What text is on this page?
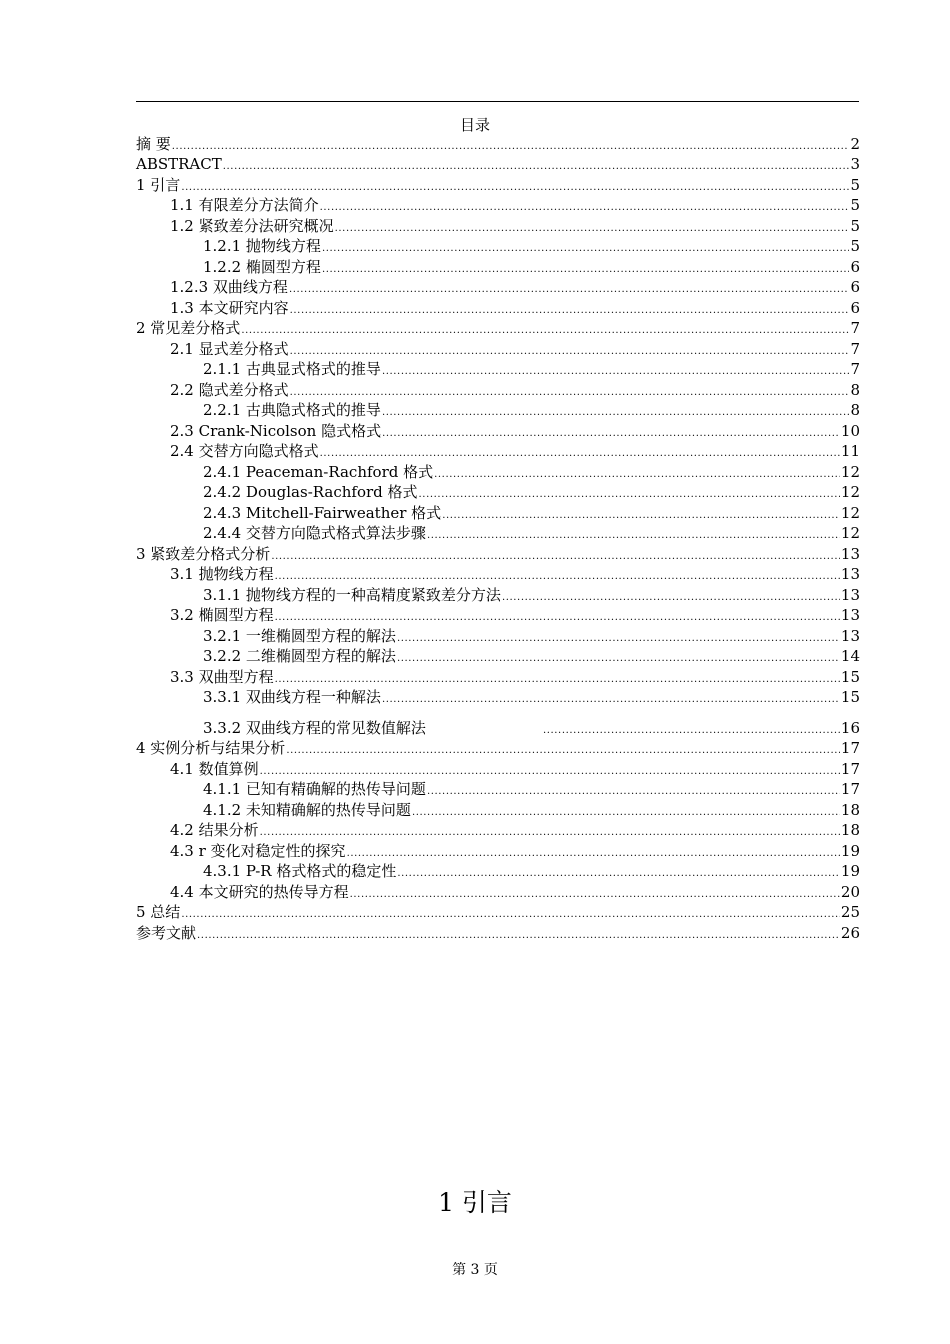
目录
摘 要 .....	2
ABSTRACT .....	3
1 引言 .....	5
1.1 有限差分方法简介 .....	5
1.2 紧致差分法研究概况 .....	5
1.2.1 抛物线方程 .....	5
1.2.2 椭圆型方程 .....	6
1.2.3 双曲线方程 .....	6
1.3 本文研究内容 .....	6
2 常见差分格式 .....	7
2.1 显式差分格式 .....	7
2.1.1 古典显式格式的推导 .....	7
2.2 隐式差分格式 .....	8
2.2.1 古典隐式格式的推导 .....	8
2.3 Crank-Nicolson 隐式格式 .....	10
2.4 交替方向隐式格式 .....	11
2.4.1 Peaceman-Rachford 格式 .....	12
2.4.2 Douglas-Rachford 格式 .....	12
2.4.3 Mitchell-Fairweather 格式 .....	12
2.4.4 交替方向隐式格式算法步骤 .....	12
3 紧致差分格式分析 .....	13
3.1 抛物线方程 .....	13
3.1.1 抛物线方程的一种高精度紧致差分方法 .....	13
3.2 椭圆型方程 .....	13
3.2.1 一维椭圆型方程的解法 .....	13
3.2.2 二维椭圆型方程的解法 .....	14
3.3 双曲型方程 .....	15
3.3.1 双曲线方程一种解法 .....	15
3.3.2 双曲线方程的常见数值解法 .....	16
4 实例分析与结果分析 .....	17
4.1 数值算例 .....	17
4.1.1 已知有精确解的热传导问题 .....	17
4.1.2 未知精确解的热传导问题 .....	18
4.2 结果分析 .....	18
4.3 r 变化对稳定性的探究 .....	19
4.3.1 P-R 格式格式的稳定性 .....	19
4.4 本文研究的热传导方程 .....	20
5 总结 .....	25
参考文献 .....	26
1 引言
第 3 页
